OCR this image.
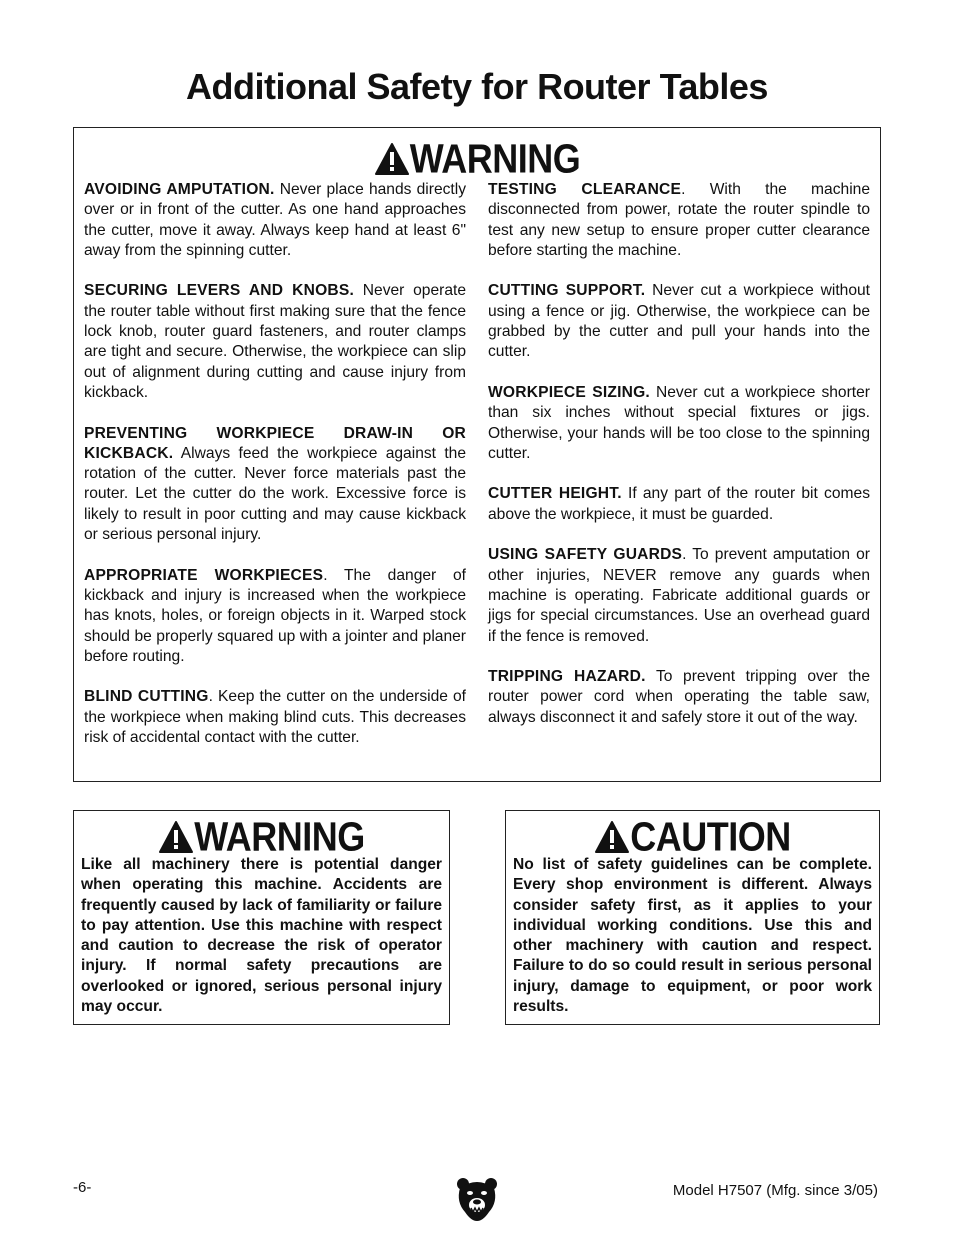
Additional Safety for Router Tables
WARNING

AVOIDING AMPUTATION. Never place hands directly over or in front of the cutter. As one hand approaches the cutter, move it away. Always keep hand at least 6" away from the spinning cutter.

SECURING LEVERS AND KNOBS. Never operate the router table without first making sure that the fence lock knob, router guard fasteners, and router clamps are tight and secure. Otherwise, the workpiece can slip out of alignment during cutting and cause injury from kickback.

PREVENTING WORKPIECE DRAW-IN OR KICKBACK. Always feed the workpiece against the rotation of the cutter. Never force materials past the router. Let the cutter do the work. Excessive force is likely to result in poor cutting and may cause kickback or serious personal injury.

APPROPRIATE WORKPIECES. The danger of kickback and injury is increased when the workpiece has knots, holes, or foreign objects in it. Warped stock should be properly squared up with a jointer and planer before routing.

BLIND CUTTING. Keep the cutter on the underside of the workpiece when making blind cuts. This decreases risk of accidental contact with the cutter.

TESTING CLEARANCE. With the machine disconnected from power, rotate the router spindle to test any new setup to ensure proper cutter clearance before starting the machine.

CUTTING SUPPORT. Never cut a workpiece without using a fence or jig. Otherwise, the workpiece can be grabbed by the cutter and pull your hands into the cutter.

WORKPIECE SIZING. Never cut a workpiece shorter than six inches without special fixtures or jigs. Otherwise, your hands will be too close to the spinning cutter.

CUTTER HEIGHT. If any part of the router bit comes above the workpiece, it must be guarded.

USING SAFETY GUARDS. To prevent amputation or other injuries, NEVER remove any guards when machine is operating. Fabricate additional guards or jigs for special circumstances. Use an overhead guard if the fence is removed.

TRIPPING HAZARD. To prevent tripping over the router power cord when operating the table saw, always disconnect it and safely store it out of the way.

WARNING

Like all machinery there is potential danger when operating this machine. Accidents are frequently caused by lack of familiarity or failure to pay attention. Use this machine with respect and caution to decrease the risk of operator injury. If normal safety precautions are overlooked or ignored, serious personal injury may occur.

CAUTION

No list of safety guidelines can be complete. Every shop environment is different. Always consider safety first, as it applies to your individual working conditions. Use this and other machinery with caution and respect. Failure to do so could result in serious personal injury, damage to equipment, or poor work results.

-6-	Model H7507 (Mfg. since 3/05)
